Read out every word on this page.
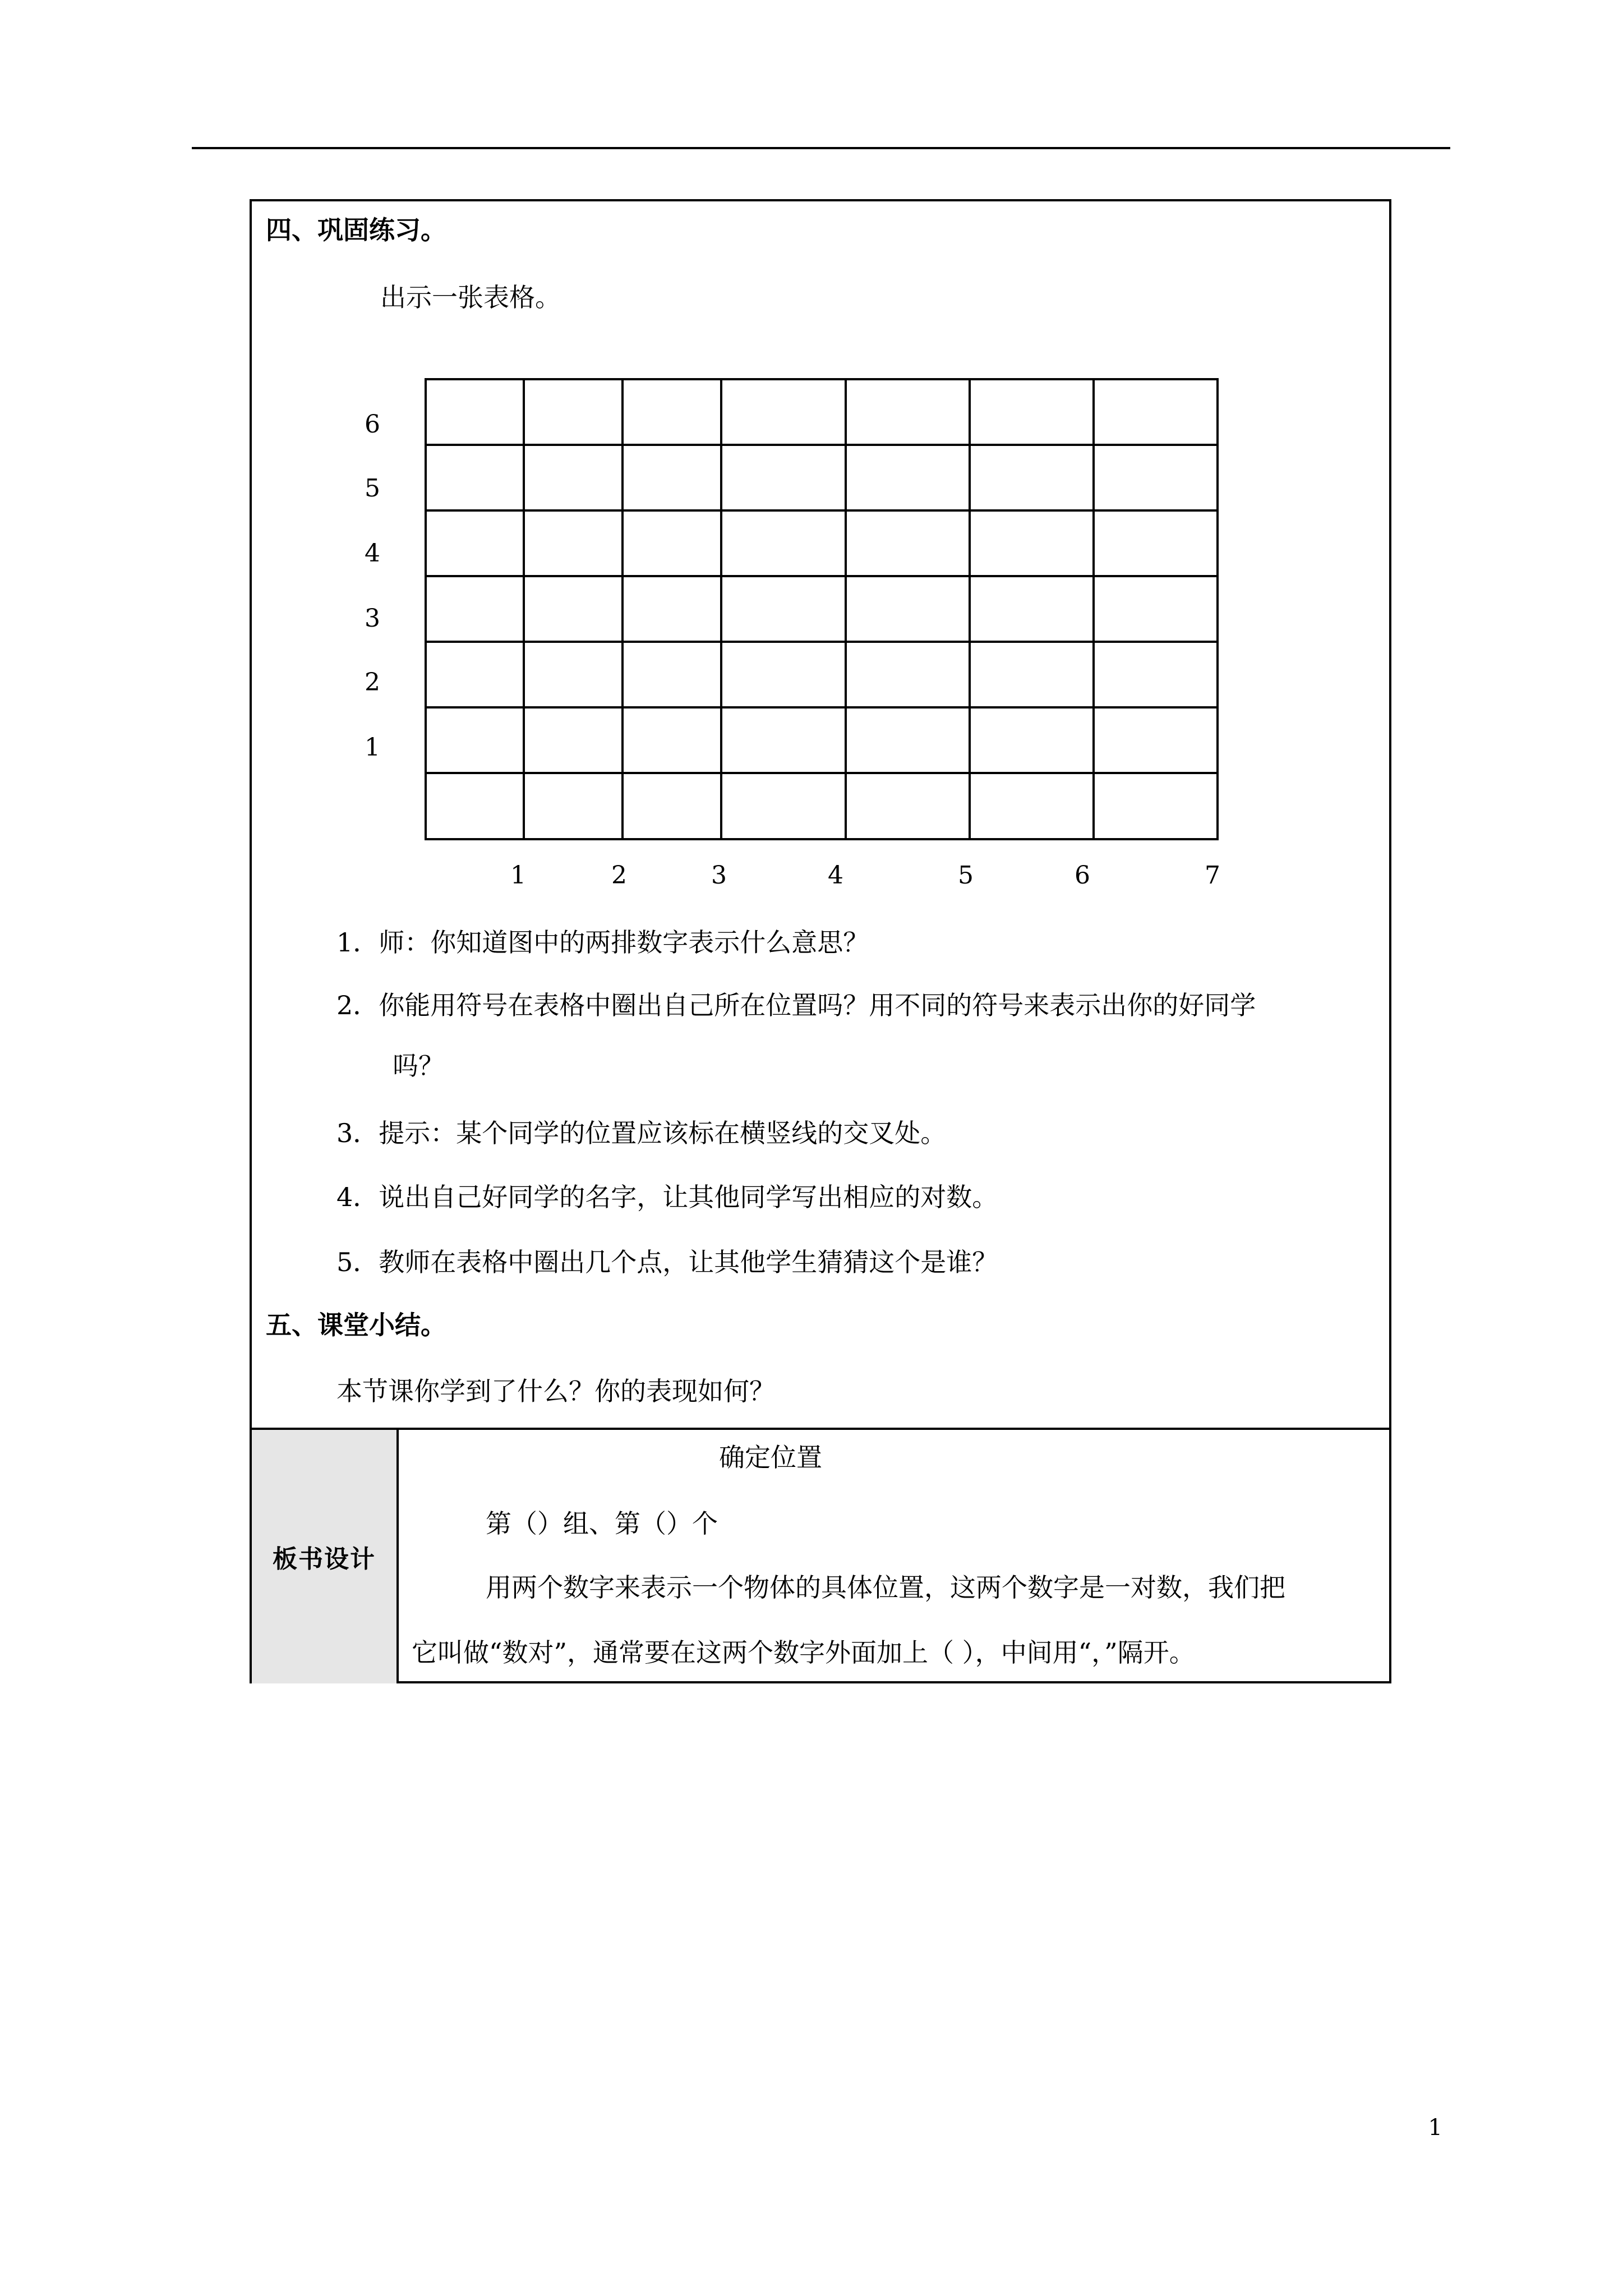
板书设计
四、巩固练习。
出示一张表格。
6
5
4
3
2
1
1	2	3	4	5	6	7
1．师：你知道图中的两排数字表示什么意思？
2．你能用符号在表格中圈出自己所在位置吗？用不同的符号来表示出你的好同学
吗？
3．提示：某个同学的位置应该标在横竖线的交叉处。
4．说出自己好同学的名字，让其他同学写出相应的对数。
5．教师在表格中圈出几个点，让其他学生猜猜这个是谁？
五、课堂小结。
本节课你学到了什么？你的表现如何？
确定位置
第（）组、第（）个
用两个数字来表示一个物体的具体位置，这两个数字是一对数，我们把
它叫做“数对”，通常要在这两个数字外面加上（ ），中间用“，”隔开。
1
